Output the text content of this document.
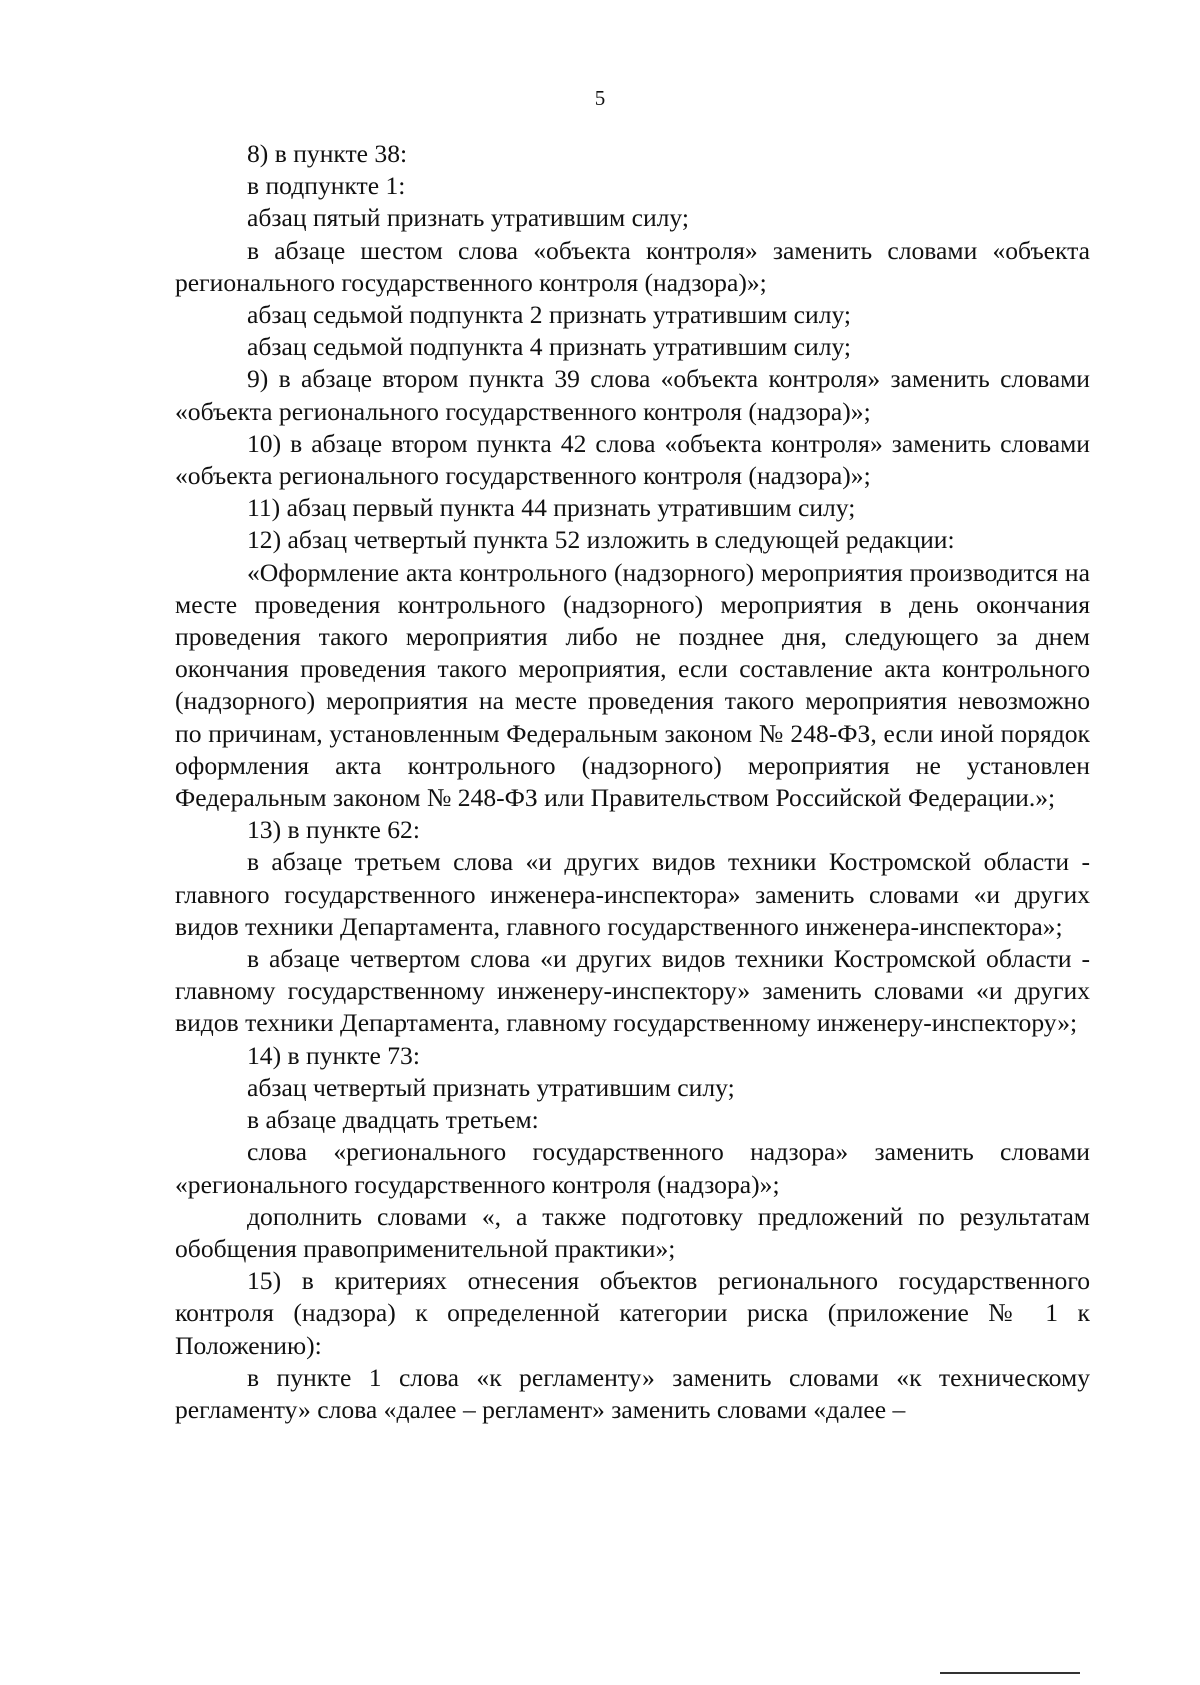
5

8) в пункте 38:

в подпункте 1:

абзац пятый признать утратившим силу;

в абзаце шестом слова «объекта контроля» заменить словами «объекта регионального государственного контроля (надзора)»;

абзац седьмой подпункта 2 признать утратившим силу;

абзац седьмой подпункта 4 признать утратившим силу;

9) в абзаце втором пункта 39 слова «объекта контроля» заменить словами «объекта регионального государственного контроля (надзора)»;

10) в абзаце втором пункта 42 слова «объекта контроля» заменить словами «объекта регионального государственного контроля (надзора)»;

11) абзац первый пункта 44 признать утратившим силу;

12) абзац четвертый пункта 52 изложить в следующей редакции:

«Оформление акта контрольного (надзорного) мероприятия производится на месте проведения контрольного (надзорного) мероприятия в день окончания проведения такого мероприятия либо не позднее дня, следующего за днем окончания проведения такого мероприятия, если составление акта контрольного (надзорного) мероприятия на месте проведения такого мероприятия невозможно по причинам, установленным Федеральным законом № 248-ФЗ, если иной порядок оформления акта контрольного (надзорного) мероприятия не установлен Федеральным законом № 248-ФЗ или Правительством Российской Федерации.»;

13) в пункте 62:

в абзаце третьем слова «и других видов техники Костромской области - главного государственного инженера-инспектора» заменить словами «и других видов техники Департамента, главного государственного инженера-инспектора»;

в абзаце четвертом слова «и других видов техники Костромской области - главному государственному инженеру-инспектору» заменить словами «и других видов техники Департамента, главному государственному инженеру-инспектору»;

14) в пункте 73:

абзац четвертый признать утратившим силу;

в абзаце двадцать третьем:

слова «регионального государственного надзора» заменить словами «регионального государственного контроля (надзора)»;

дополнить словами «, а также подготовку предложений по результатам обобщения правоприменительной практики»;

15) в критериях отнесения объектов регионального государственного контроля (надзора) к определенной категории риска (приложение № 1 к Положению):

в пункте 1 слова «к регламенту» заменить словами «к техническому регламенту» слова «далее – регламент» заменить словами «далее –
